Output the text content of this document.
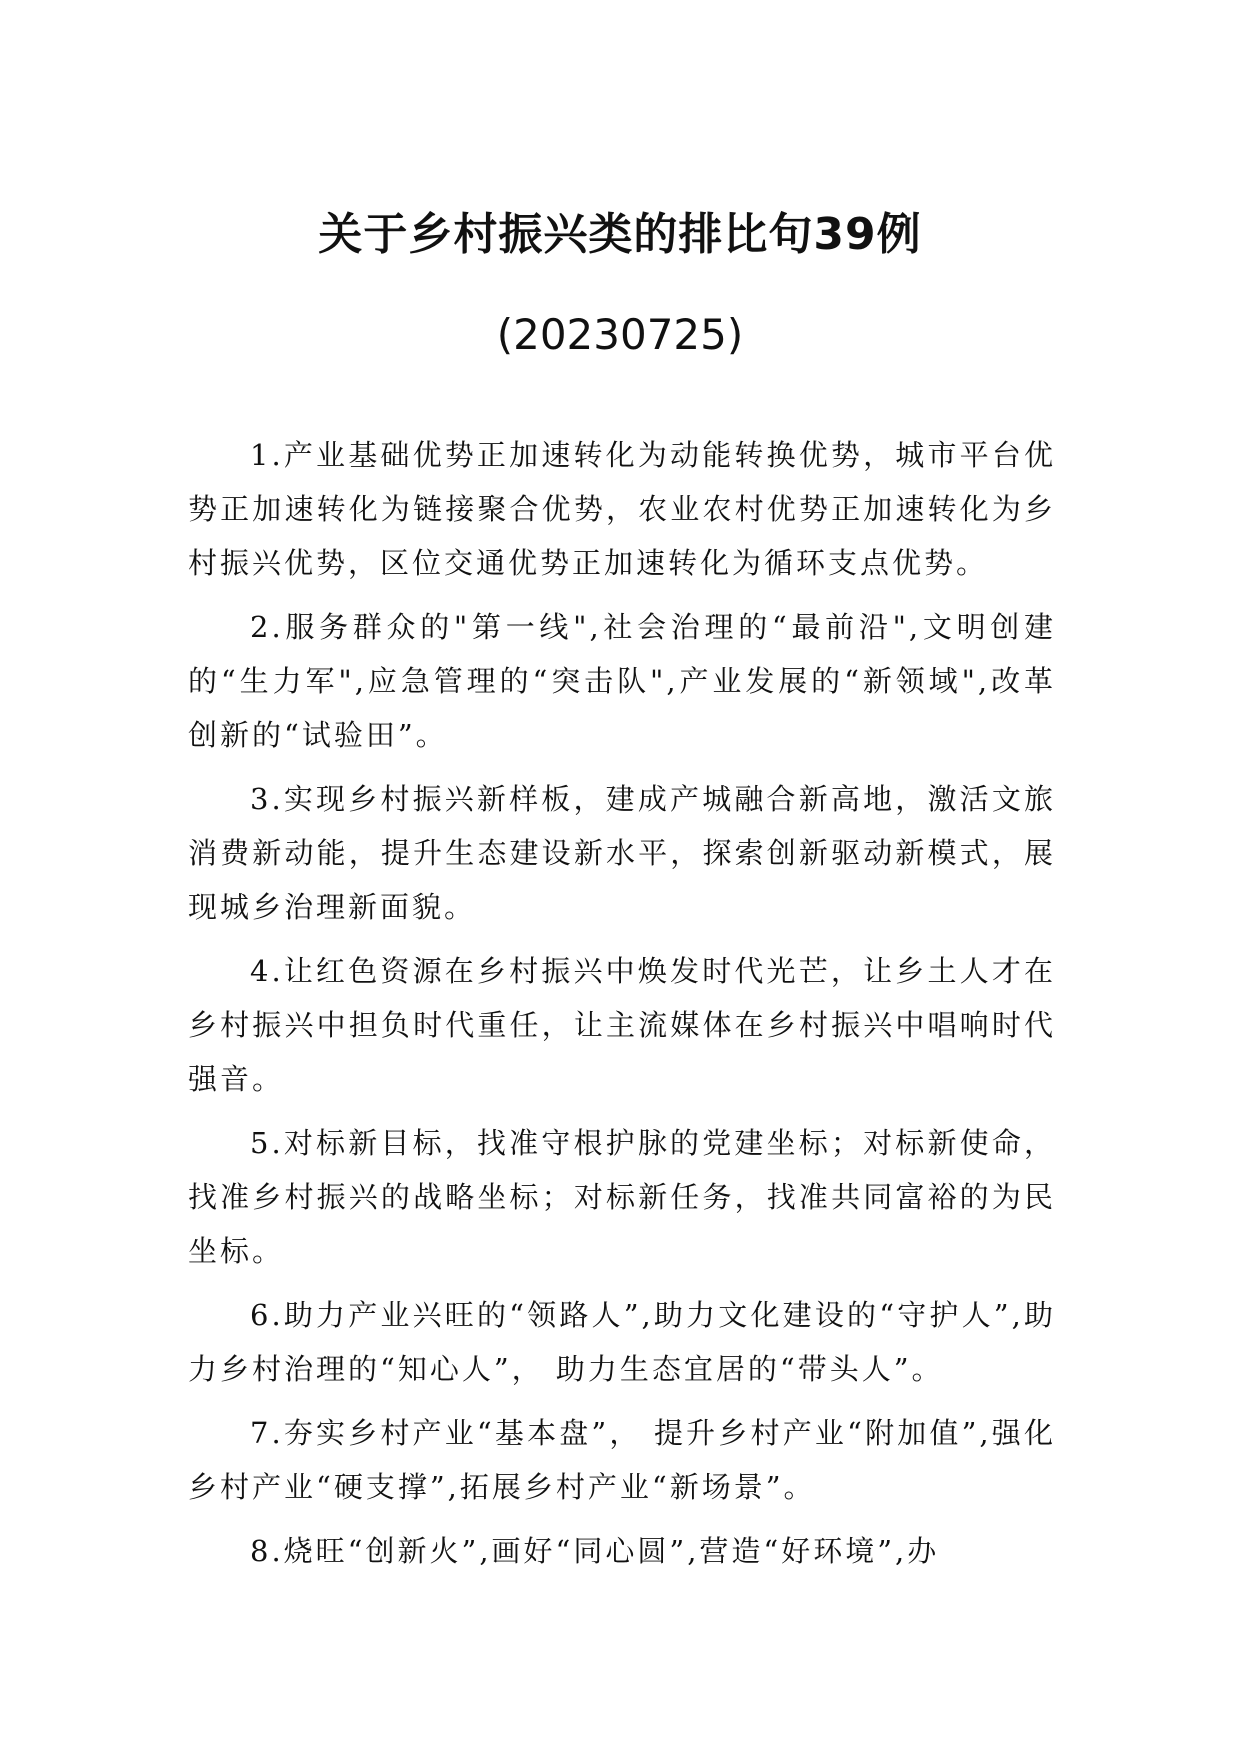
关于乡村振兴类的排比句39例
(20230725)

1.产业基础优势正加速转化为动能转换优势，城市平台优势正加速转化为链接聚合优势，农业农村优势正加速转化为乡村振兴优势，区位交通优势正加速转化为循环支点优势。

2.服务群众的"第一线",社会治理的“最前沿",文明创建的“生力军",应急管理的“突击队",产业发展的“新领域",改革创新的“试验田”。

3.实现乡村振兴新样板，建成产城融合新高地，激活文旅消费新动能，提升生态建设新水平，探索创新驱动新模式，展现城乡治理新面貌。

4.让红色资源在乡村振兴中焕发时代光芒，让乡土人才在乡村振兴中担负时代重任，让主流媒体在乡村振兴中唱响时代强音。

5.对标新目标，找准守根护脉的党建坐标；对标新使命，找准乡村振兴的战略坐标；对标新任务，找准共同富裕的为民坐标。

6.助力产业兴旺的“领路人”,助力文化建设的“守护人”,助力乡村治理的“知心人”， 助力生态宜居的“带头人”。

7.夯实乡村产业“基本盘”， 提升乡村产业“附加值”,强化乡村产业“硬支撑”,拓展乡村产业“新场景”。

8.烧旺“创新火”,画好“同心圆”,营造“好环境”,办
